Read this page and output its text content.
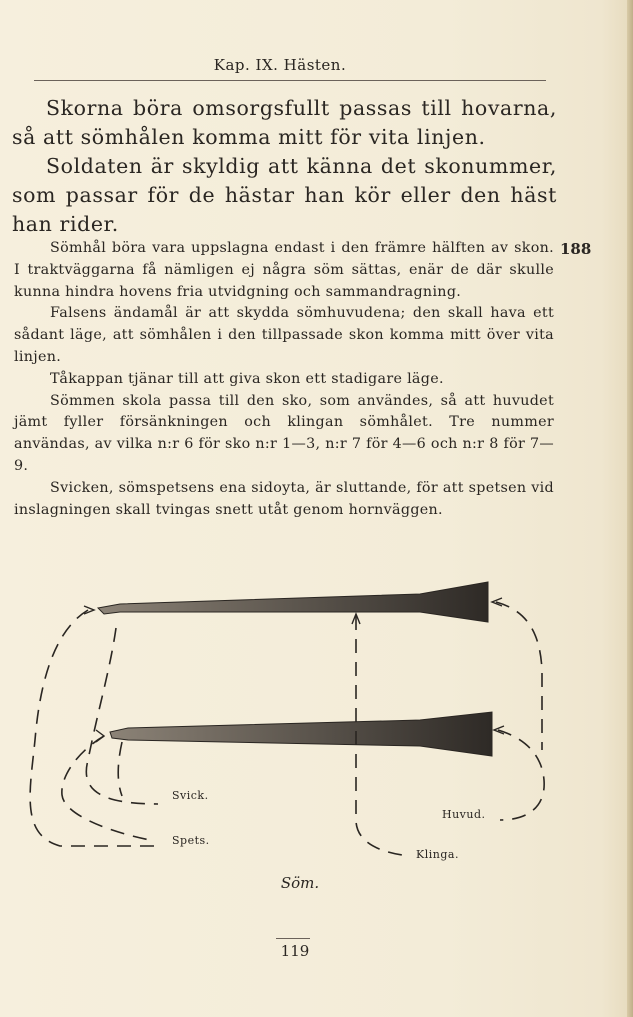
Kap. IX. Hästen.

Skorna böra omsorgsfullt passas till hovarna, så att sömhålen komma mitt för vita linjen.

Soldaten är skyldig att känna det skonummer, som passar för de hästar han kör eller den häst han rider.

188

Sömhål böra vara uppslagna endast i den främre hälften av skon. I traktväggarna få nämligen ej några söm sättas, enär de där skulle kunna hindra hovens fria utvidgning och sammandragning.

Falsens ändamål är att skydda sömhuvudena; den skall hava ett sådant läge, att sömhålen i den tillpassade skon komma mitt över vita linjen.

Tåkappan tjänar till att giva skon ett stadigare läge.

Sömmen skola passa till den sko, som användes, så att huvudet jämt fyller försänkningen och klingan sömhålet. Tre nummer användas, av vilka n:r 6 för sko n:r 1—3, n:r 7 för 4—6 och n:r 8 för 7—9.

Svicken, sömspetsens ena sidoyta, är sluttande, för att spetsen vid inslagningen skall tvingas snett utåt genom hornväggen.

Svick.
Spets.
Huvud.
Klinga.
Söm.
119
